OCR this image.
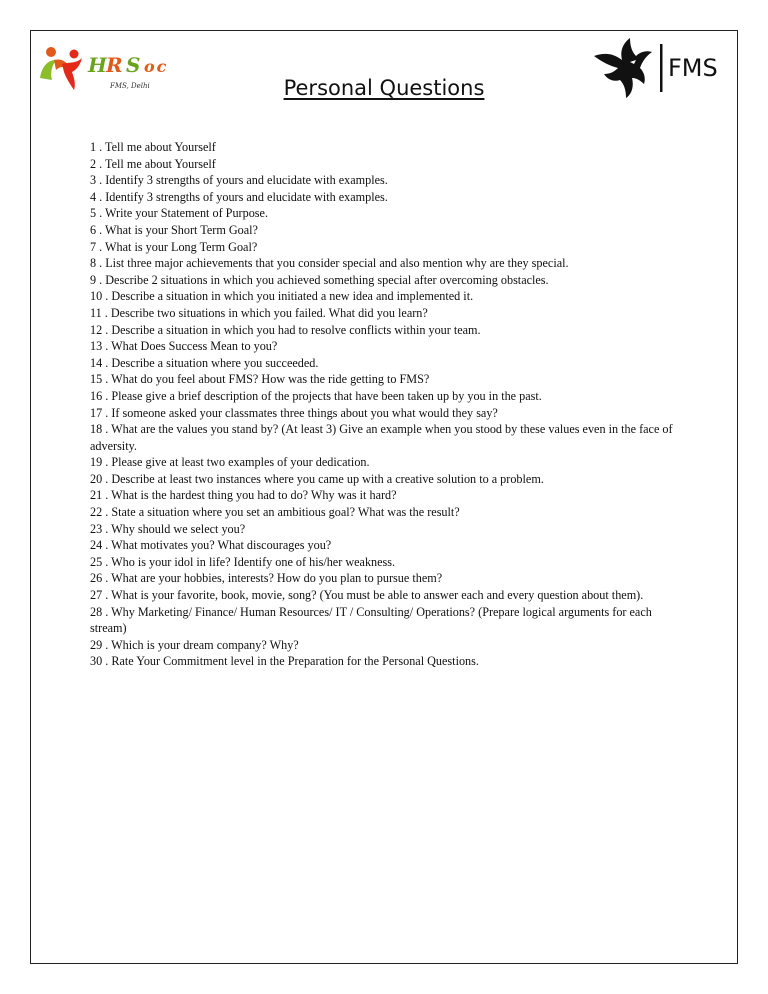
H
R S oc
FMS, Delhi
FMS
Personal Questions
1 . Tell me about Yourself
2 . Tell me about Yourself
3 . Identify 3 strengths of yours and elucidate with examples.
4 . Identify 3 strengths of yours and elucidate with examples.
5 . Write your Statement of Purpose.
6 . What is your Short Term Goal?
7 . What is your Long Term Goal?
8 . List three major achievements that you consider special and also mention why are they special.
9 . Describe 2 situations in which you achieved something special after overcoming obstacles.
10 . Describe a situation in which you initiated a new idea and implemented it.
11 . Describe two situations in which you failed. What did you learn?
12 . Describe a situation in which you had to resolve conflicts within your team.
13 . What Does Success Mean to you?
14 . Describe a situation where you succeeded.
15 . What do you feel about FMS? How was the ride getting to FMS?
16 . Please give a brief description of the projects that have been taken up by you in the past.
17 . If someone asked your classmates three things about you what would they say?
18 . What are the values you stand by? (At least 3) Give an example when you stood by these values even in the face of adversity.
19 . Please give at least two examples of your dedication.
20 . Describe at least two instances where you came up with a creative solution to a problem.
21 . What is the hardest thing you had to do? Why was it hard?
22 . State a situation where you set an ambitious goal? What was the result?
23 . Why should we select you?
24 . What motivates you? What discourages you?
25 . Who is your idol in life? Identify one of his/her weakness.
26 . What are your hobbies, interests? How do you plan to pursue them?
27 . What is your favorite, book, movie, song? (You must be able to answer each and every question about them).
28 . Why Marketing/ Finance/ Human Resources/ IT / Consulting/ Operations? (Prepare logical arguments for each stream)
29 . Which is your dream company? Why?
30 . Rate Your Commitment level in the Preparation for the Personal Questions.
